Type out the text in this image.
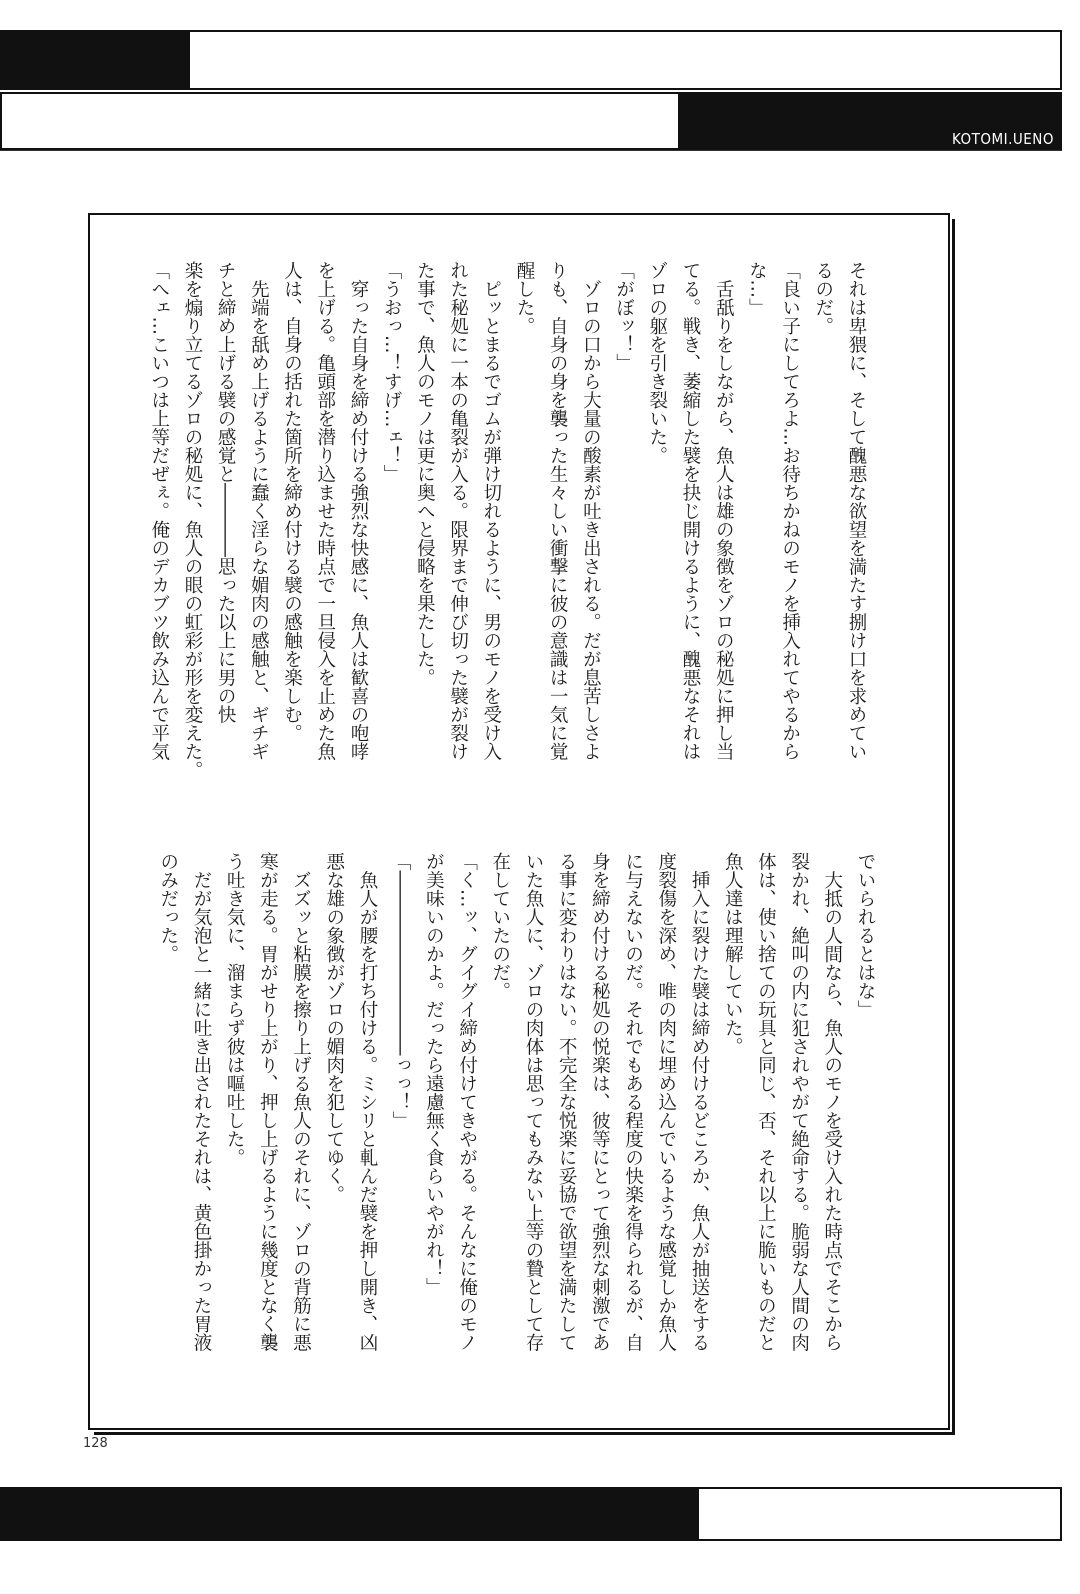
KOTOMI.UENO
それは卑猥に、そして醜悪な欲望を満たす捌け口を求めてい
るのだ。
「良い子にしてろよ…お待ちかねのモノを挿入れてやるから
な…」
　舌舐りをしながら、魚人は雄の象徴をゾロの秘処に押し当
てる。戦き、萎縮した襞を抉じ開けるように、醜悪なそれは
ゾロの躯を引き裂いた。
「がぼッ！」
　ゾロの口から大量の酸素が吐き出される。だが息苦しさよ
りも、自身の身を襲った生々しい衝撃に彼の意識は一気に覚
醒した。
　ピッとまるでゴムが弾け切れるように、男のモノを受け入
れた秘処に一本の亀裂が入る。限界まで伸び切った襞が裂け
た事で、魚人のモノは更に奥へと侵略を果たした。
「うおっ…！すげ…ェ！」
　穿った自身を締め付ける強烈な快感に、魚人は歓喜の咆哮
を上げる。亀頭部を潜り込ませた時点で一旦侵入を止めた魚
人は、自身の括れた箇所を締め付ける襞の感触を楽しむ。
　先端を舐め上げるように蠢く淫らな媚肉の感触と、ギチギ
チと締め上げる襞の感覚と――――思った以上に男の快
楽を煽り立てるゾロの秘処に、魚人の眼の虹彩が形を変えた。
「へェ…こいつは上等だぜぇ。俺のデカブツ飲み込んで平気
でいられるとはな」
　大抵の人間なら、魚人のモノを受け入れた時点でそこから
裂かれ、絶叫の内に犯されやがて絶命する。脆弱な人間の肉
体は、使い捨ての玩具と同じ、否、それ以上に脆いものだと
魚人達は理解していた。
　挿入に裂けた襞は締め付けるどころか、魚人が抽送をする
度裂傷を深め、唯の肉に埋め込んでいるような感覚しか魚人
に与えないのだ。それでもある程度の快楽を得られるが、自
身を締め付ける秘処の悦楽は、彼等にとって強烈な刺激であ
る事に変わりはない。不完全な悦楽に妥協で欲望を満たして
いた魚人に、ゾロの肉体は思ってもみない上等の贄として存
在していたのだ。
「く…ッ、グイグイ締め付けてきやがる。そんなに俺のモノ
が美味いのかよ。だったら遠慮無く食らいやがれ！」
「――――――――――っっ！」
　魚人が腰を打ち付ける。ミシリと軋んだ襞を押し開き、凶
悪な雄の象徴がゾロの媚肉を犯してゆく。
　ズズッと粘膜を擦り上げる魚人のそれに、ゾロの背筋に悪
寒が走る。胃がせり上がり、押し上げるように幾度となく襲
う吐き気に、溜まらず彼は嘔吐した。
　だが気泡と一緒に吐き出されたそれは、黄色掛かった胃液
のみだった。
128
